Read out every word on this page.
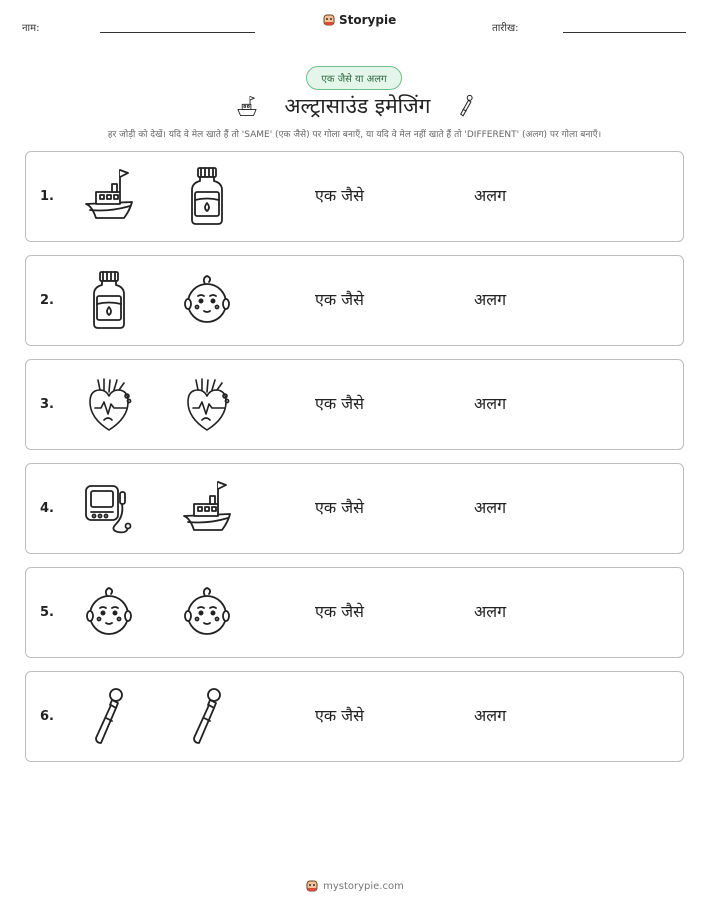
नाम:
Storypie
तारीख:
एक जैसे या अलग
अल्ट्रासाउंड इमेजिंग
हर जोड़ी को देखें। यदि वे मेल खाते हैं तो 'SAME' (एक जैसे) पर गोला बनाएँ, या यदि वे मेल नहीं खाते हैं तो 'DIFFERENT' (अलग) पर गोला बनाएँ।
1.	एक जैसे	अलग
2.	एक जैसे	अलग
3.	एक जैसे	अलग
4.	एक जैसे	अलग
5.	एक जैसे	अलग
6.	एक जैसे	अलग
mystorypie.com
